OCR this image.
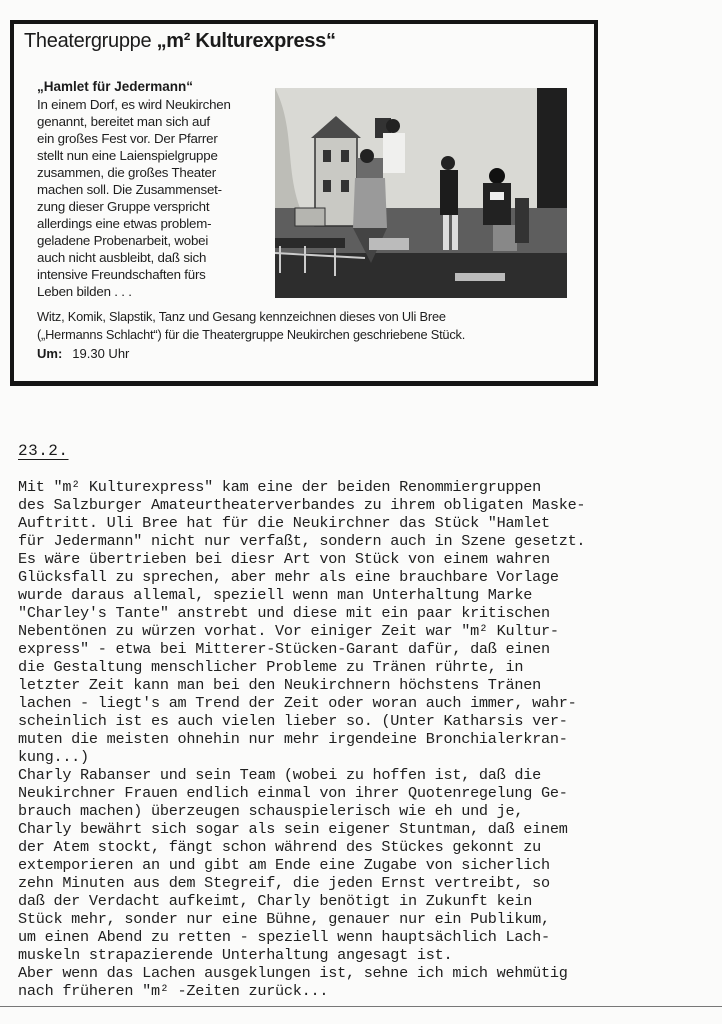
Theatergruppe „m² Kulturexpress“
„Hamlet für Jedermann“
In einem Dorf, es wird Neukirchen
genannt, bereitet man sich auf
ein großes Fest vor. Der Pfarrer
stellt nun eine Laienspielgruppe
zusammen, die großes Theater
machen soll. Die Zusammenset-
zung dieser Gruppe verspricht
allerdings eine etwas problem-
geladene Probenarbeit, wobei
auch nicht ausbleibt, daß sich
intensive Freundschaften fürs
Leben bilden . . .
Witz, Komik, Slapstik, Tanz und Gesang kennzeichnen dieses von Uli Bree
(„Hermanns Schlacht“) für die Theatergruppe Neukirchen geschriebene Stück.
Um: 19.30 Uhr
23.2.
Mit "m² Kulturexpress" kam eine der beiden Renommiergruppen
des Salzburger Amateurtheaterverbandes zu ihrem obligaten Maske-
Auftritt. Uli Bree hat für die Neukirchner das Stück "Hamlet
für Jedermann" nicht nur verfaßt, sondern auch in Szene gesetzt.
Es wäre übertrieben bei diesr Art von Stück von einem wahren
Glücksfall zu sprechen, aber mehr als eine brauchbare Vorlage
wurde daraus allemal, speziell wenn man Unterhaltung Marke
"Charley's Tante" anstrebt und diese mit ein paar kritischen
Nebentönen zu würzen vorhat. Vor einiger Zeit war "m² Kultur-
express" - etwa bei Mitterer-Stücken-Garant dafür, daß einen
die Gestaltung menschlicher Probleme zu Tränen rührte, in
letzter Zeit kann man bei den Neukirchnern höchstens Tränen
lachen - liegt's am Trend der Zeit oder woran auch immer, wahr-
scheinlich ist es auch vielen lieber so. (Unter Katharsis ver-
muten die meisten ohnehin nur mehr irgendeine Bronchialerkran-
kung...)
Charly Rabanser und sein Team (wobei zu hoffen ist, daß die
Neukirchner Frauen endlich einmal von ihrer Quotenregelung Ge-
brauch machen) überzeugen schauspielerisch wie eh und je,
Charly bewährt sich sogar als sein eigener Stuntman, daß einem
der Atem stockt, fängt schon während des Stückes gekonnt zu
extemporieren an und gibt am Ende eine Zugabe von sicherlich
zehn Minuten aus dem Stegreif, die jeden Ernst vertreibt, so
daß der Verdacht aufkeimt, Charly benötigt in Zukunft kein
Stück mehr, sonder nur eine Bühne, genauer nur ein Publikum,
um einen Abend zu retten - speziell wenn hauptsächlich Lach-
muskeln strapazierende Unterhaltung angesagt ist.
Aber wenn das Lachen ausgeklungen ist, sehne ich mich wehmütig
nach früheren "m² -Zeiten zurück...
